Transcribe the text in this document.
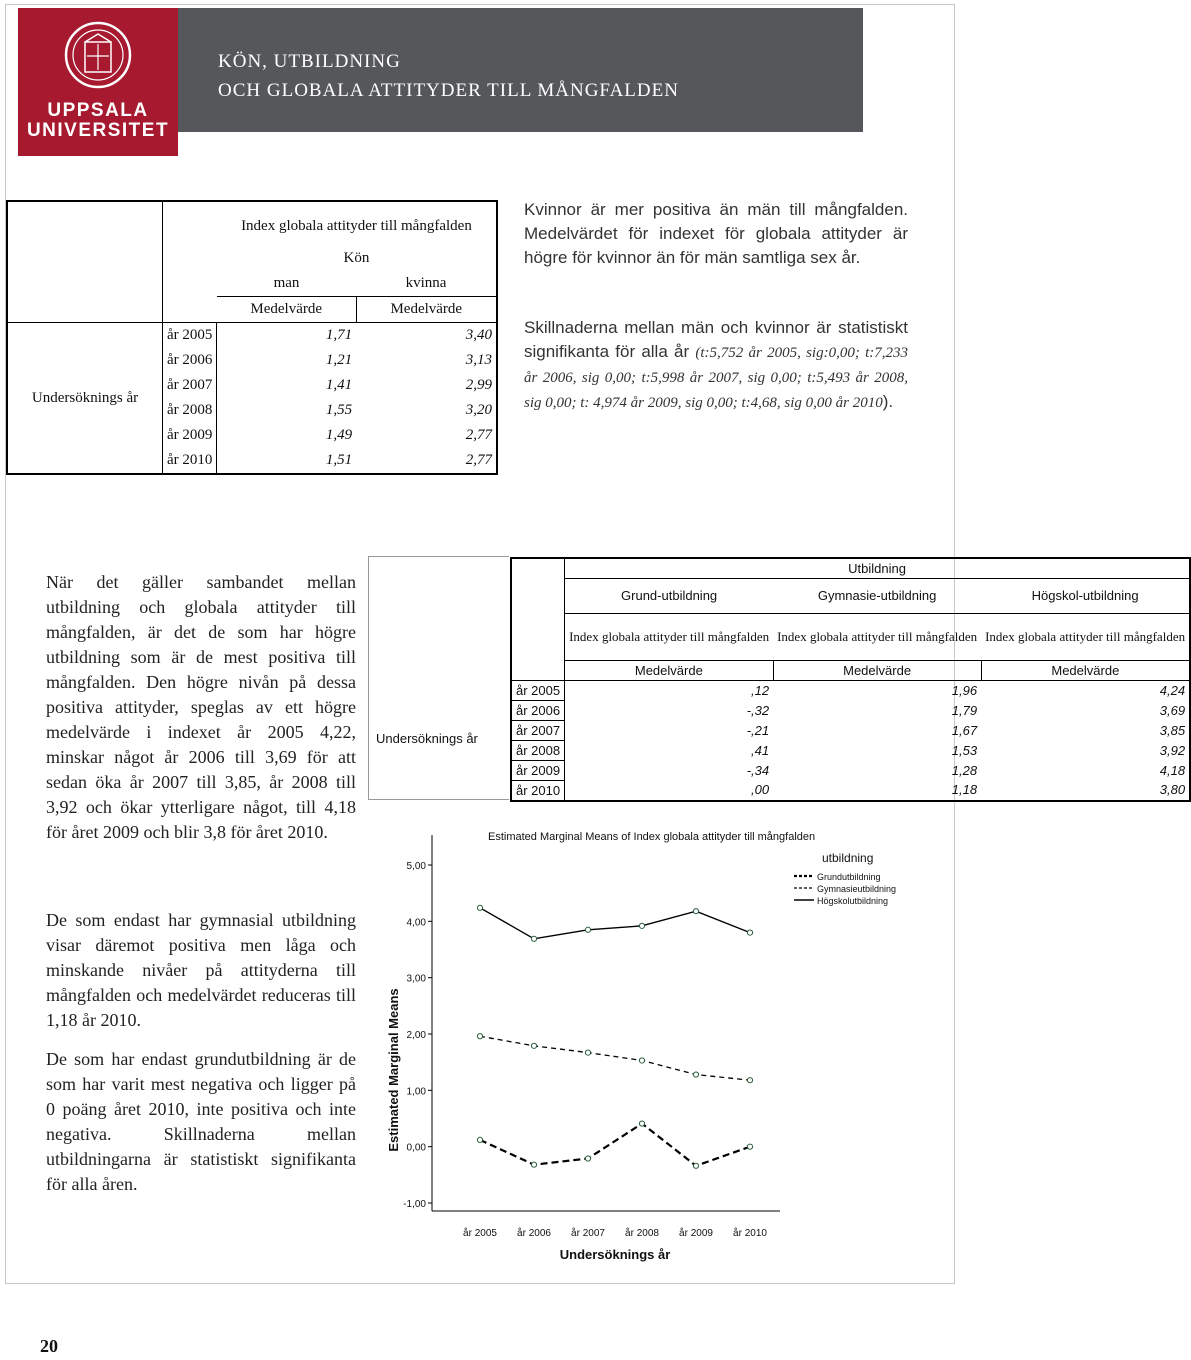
UPPSALA
UNIVERSITET
KÖN, UTBILDNING
OCH GLOBALA ATTITYDER TILL MÅNGFALDEN
		Index globala attityder till mångfalden	
		Kön	
		man	kvinna
		Medelvärde	Medelvärde
Undersöknings år	år 2005	1,71	3,40
	år 2006	1,21	3,13
	år 2007	1,41	2,99
	år 2008	1,55	3,20
	år 2009	1,49	2,77
	år 2010	1,51	2,77

Kvinnor är mer positiva än män till mångfalden. Medelvärdet för indexet för globala attityder är högre för kvinnor än för män samtliga sex år.

Skillnaderna mellan män och kvinnor är statistiskt signifikanta för alla år (t:5,752 år 2005, sig:0,00; t:7,233 år 2006, sig 0,00; t:5,998 år 2007, sig 0,00; t:5,493 år 2008, sig 0,00; t: 4,974 år 2009, sig 0,00; t:4,68, sig 0,00 år 2010).

När det gäller sambandet mellan utbildning och globala attityder till mångfalden, är det de som har högre utbildning som är de mest positiva till mångfalden. Den högre nivån på dessa positiva attityder, speglas av ett högre medelvärde i indexet år 2005 4,22, minskar något år 2006 till 3,69 för att sedan öka år 2007 till 3,85, år 2008 till 3,92 och ökar ytterligare något, till 4,18 för året 2009 och blir 3,8 för året 2010.

De som endast har gymnasial utbildning visar däremot positiva men låga och minskande nivåer på attityderna till mångfalden och medelvärdet reduceras till 1,18 år 2010.

De som har endast grundutbildning är de som har varit mest negativa och ligger på 0 poäng året 2010, inte positiva och inte negativa. Skillnaderna mellan utbildningarna är statistiskt signifikanta för alla åren.

Undersöknings år
	Utbildning		
	Grund-utbildning	Gymnasie-utbildning	Högskol-utbildning
	Index globala attityder till mångfalden	Index globala attityder till mångfalden	Index globala attityder till mångfalden
	Medelvärde	Medelvärde	Medelvärde
år 2005	,12	1,96	4,24
år 2006	-,32	1,79	3,69
år 2007	-,21	1,67	3,85
år 2008	,41	1,53	3,92
år 2009	-,34	1,28	4,18
år 2010	,00	1,18	3,80
Estimated Marginal Means of Index globala attityder till mångfalden
Estimated Marginal Means
Undersöknings år
5,00
4,00
3,00
2,00
1,00
0,00
-1,00
år 2005 år 2006 år 2007 år 2008 år 2009 år 2010
utbildning
Grundutbildning
Gymnasieutbildning
Högskolutbildning
20
